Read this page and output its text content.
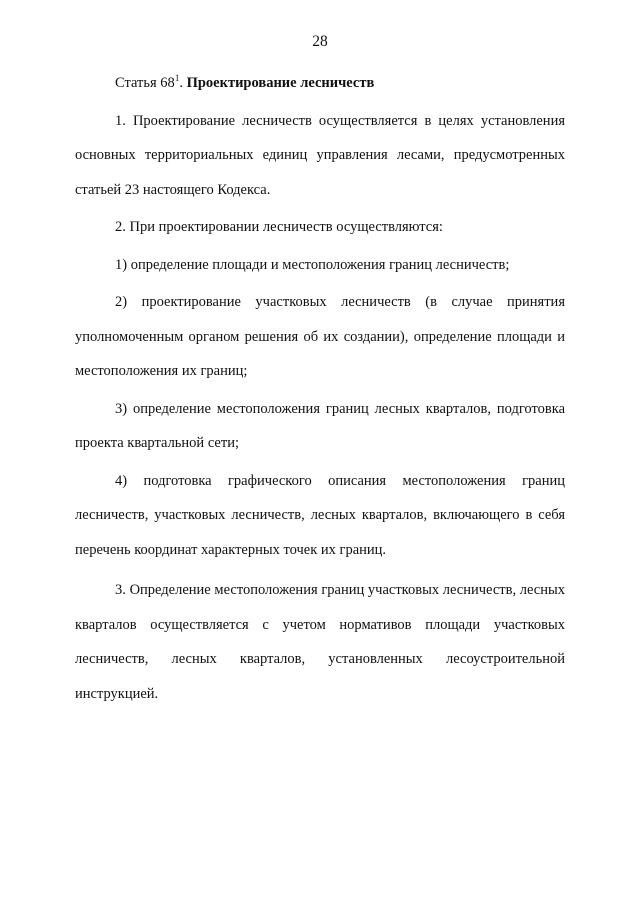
28

Статья $68^1$. Проектирование лесничеств

1. Проектирование лесничеств осуществляется в целях установления основных территориальных единиц управления лесами, предусмотренных статьей 23 настоящего Кодекса.

2. При проектировании лесничеств осуществляются:

1) определение площади и местоположения границ лесничеств;

2) проектирование участковых лесничеств (в случае принятия уполномоченным органом решения об их создании), определение площади и местоположения их границ;

3) определение местоположения границ лесных кварталов, подготовка проекта квартальной сети;

4) подготовка графического описания местоположения границ лесничеств, участковых лесничеств, лесных кварталов, включающего в себя перечень координат характерных точек их границ.

3. Определение местоположения границ участковых лесничеств, лесных кварталов осуществляется с учетом нормативов площади участковых лесничеств, лесных кварталов, установленных лесоустроительной инструкцией.
